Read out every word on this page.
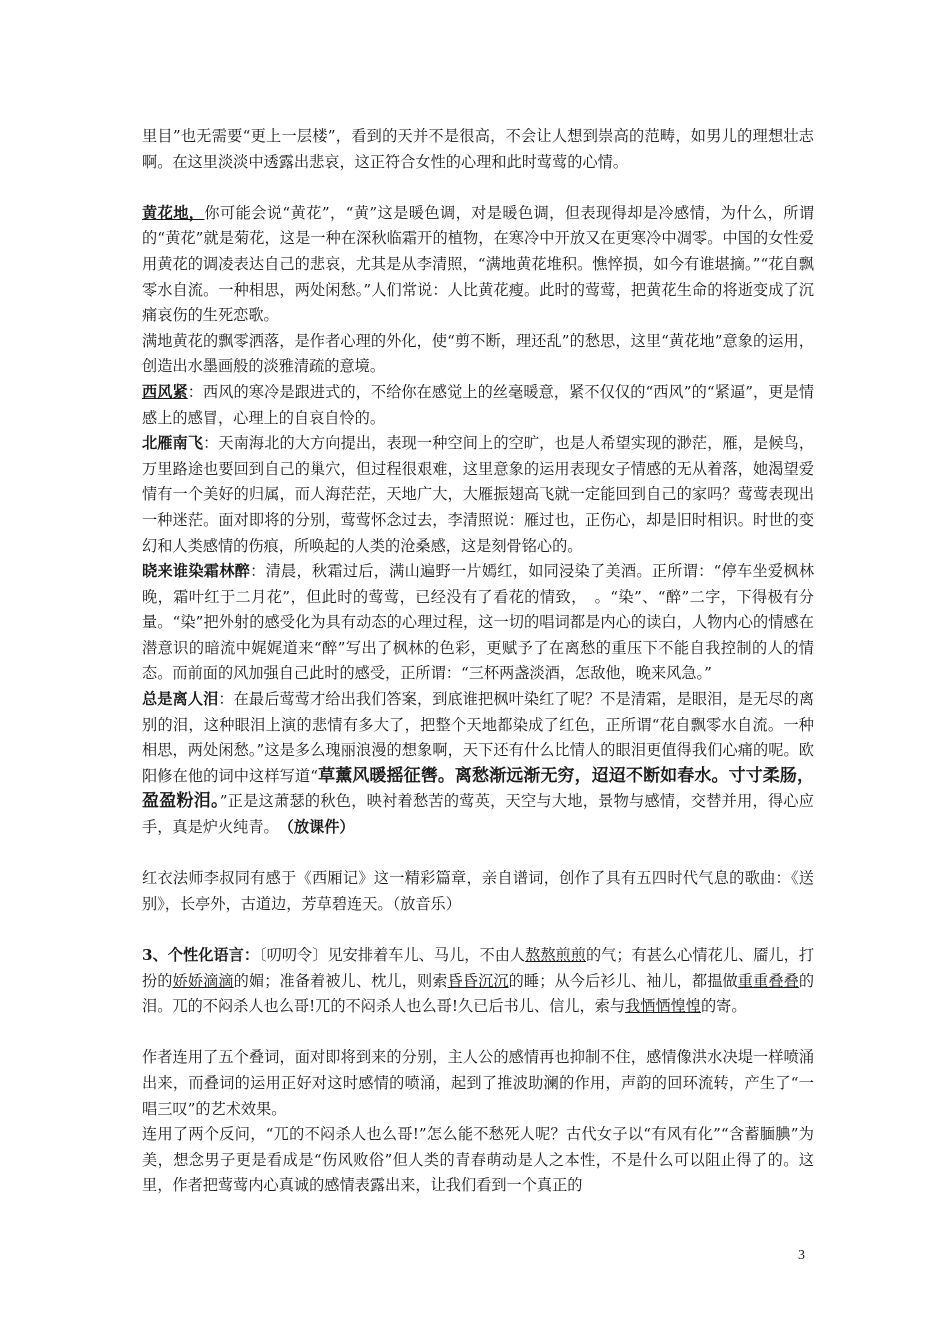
里目”也无需要“更上一层楼”，看到的天并不是很高，不会让人想到崇高的范畴，如男儿的理想壮志啊。在这里淡淡中透露出悲哀，这正符合女性的心理和此时莺莺的心情。

黄花地，你可能会说“黄花”，“黄”这是暖色调，对是暖色调，但表现得却是冷感情，为什么，所谓的“黄花”就是菊花，这是一种在深秋临霜开的植物，在寒冷中开放又在更寒冷中凋零。中国的女性爱用黄花的调凌表达自己的悲哀，尤其是从李清照，“满地黄花堆积。憔悴损，如今有谁堪摘。”“花自飘零水自流。一种相思，两处闲愁。”人们常说：人比黄花瘦。此时的莺莺，把黄花生命的将逝变成了沉痛哀伤的生死恋歌。

满地黄花的飘零洒落，是作者心理的外化，使“剪不断，理还乱”的愁思，这里“黄花地”意象的运用，创造出水墨画般的淡雅清疏的意境。

西风紧：西风的寒冷是跟进式的，不给你在感觉上的丝毫暖意，紧不仅仅的“西风”的“紧逼”，更是情感上的感冒，心理上的自哀自怜的。

北雁南飞：天南海北的大方向提出，表现一种空间上的空旷，也是人希望实现的渺茫，雁，是候鸟，万里路途也要回到自己的巢穴，但过程很艰难，这里意象的运用表现女子情感的无从着落，她渴望爱情有一个美好的归属，而人海茫茫，天地广大，大雁振翅高飞就一定能回到自己的家吗？莺莺表现出一种迷茫。面对即将的分别，莺莺怀念过去，李清照说：雁过也，正伤心，却是旧时相识。时世的变幻和人类感情的伤痕，所唤起的人类的沧桑感，这是刻骨铭心的。

晓来谁染霜林醉：清晨，秋霜过后，满山遍野一片嫣红，如同浸染了美酒。正所谓：“停车坐爱枫林晚，霜叶红于二月花”，但此时的莺莺，已经没有了看花的情致，　。“染”、“醉”二字，下得极有分量。“染”把外射的感受化为具有动态的心理过程，这一切的唱词都是内心的读白，人物内心的情感在潜意识的暗流中娓娓道来“醉”写出了枫林的色彩，更赋予了在离愁的重压下不能自我控制的人的情态。而前面的风加强自己此时的感受，正所谓：“三杯两盏淡酒，怎敌他，晚来风急。”

总是离人泪：在最后莺莺才给出我们答案，到底谁把枫叶染红了呢？不是清霜，是眼泪，是无尽的离别的泪，这种眼泪上演的悲情有多大了，把整个天地都染成了红色，正所谓“花自飘零水自流。一种相思，两处闲愁。”这是多么瑰丽浪漫的想象啊，天下还有什么比情人的眼泪更值得我们心痛的呢。欧阳修在他的词中这样写道“草薰风暖摇征辔。离愁渐远渐无穷，迢迢不断如春水。寸寸柔肠，盈盈粉泪。”正是这萧瑟的秋色，映衬着愁苦的莺英，天空与大地，景物与感情，交替并用，得心应手，真是炉火纯青。　 （放课件）

红衣法师李叔同有感于《西厢记》这一精彩篇章，亲自谱词，创作了具有五四时代气息的歌曲：《送别》，长亭外，古道边，芳草碧连天。（放音乐）

3、个性化语言：〔叨叨令〕见安排着车儿、马儿，不由人熬熬煎煎的气；有甚么心情花儿、靥儿，打扮的娇娇滴滴的媚；准备着被儿、枕儿，则索昏昏沉沉的睡；从今后衫儿、袖儿，都揾做重重叠叠的泪。兀的不闷杀人也么哥!兀的不闷杀人也么哥!久已后书儿、信儿，索与我恓恓惶惶的寄。

作者连用了五个叠词，面对即将到来的分别，主人公的感情再也抑制不住，感情像洪水决堤一样喷涌出来，而叠词的运用正好对这时感情的喷涌，起到了推波助澜的作用，声韵的回环流转，产生了“一唱三叹”的艺术效果。

连用了两个反问，“兀的不闷杀人也么哥!”怎么能不愁死人呢？古代女子以“有风有化”“含蓄腼腆”为美，想念男子更是看成是“伤风败俗”但人类的青春萌动是人之本性，不是什么可以阻止得了的。这里，作者把莺莺内心真诚的感情表露出来，让我们看到一个真正的

3
